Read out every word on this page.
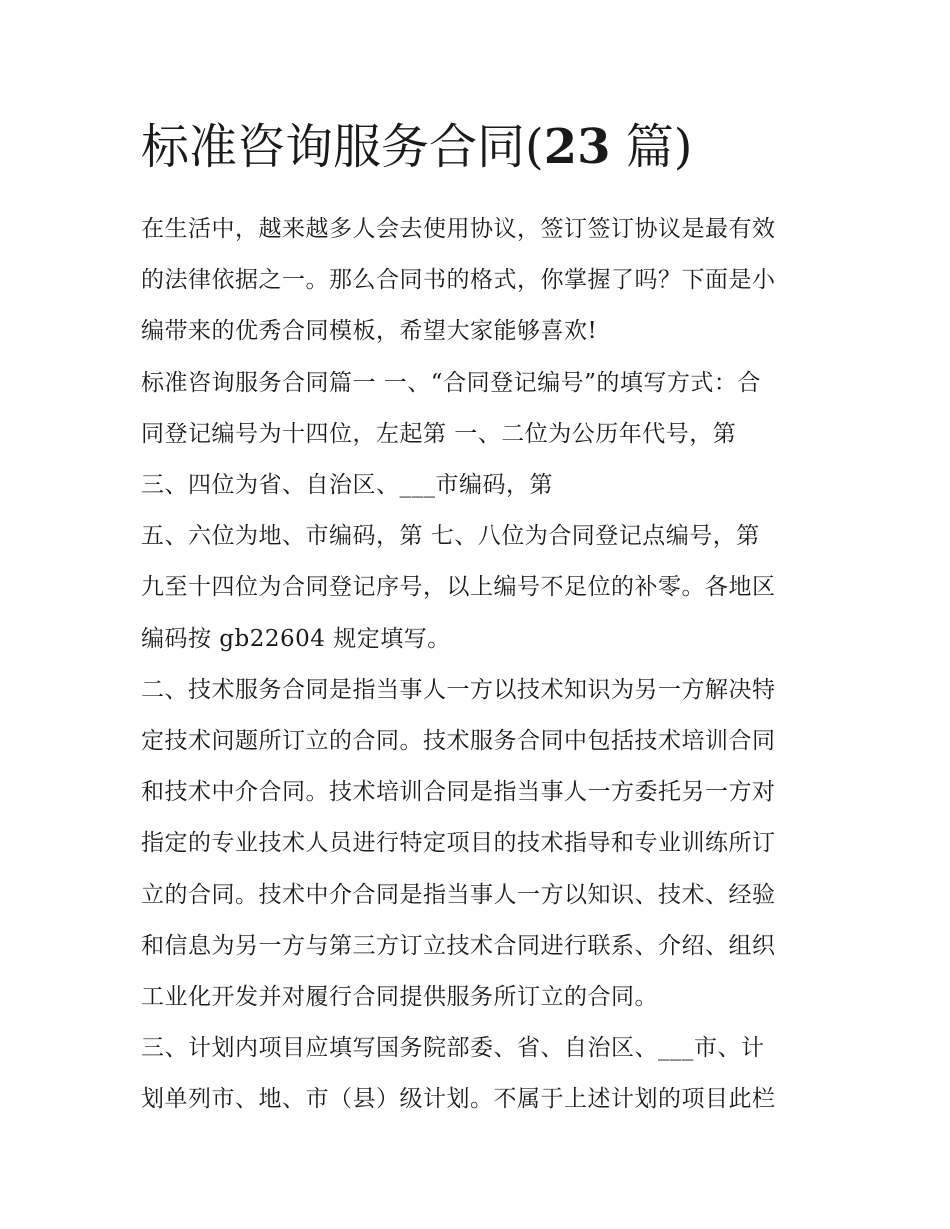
标准咨询服务合同(23 篇)

在生活中，越来越多人会去使用协议，签订签订协议是最有效
的法律依据之一。那么合同书的格式，你掌握了吗？下面是小
编带来的优秀合同模板，希望大家能够喜欢!

标准咨询服务合同篇一 一、“合同登记编号”的填写方式：合
同登记编号为十四位，左起第 一、二位为公历年代号，第

三、四位为省、自治区、___市编码，第

五、六位为地、市编码，第 七、八位为合同登记点编号，第
九至十四位为合同登记序号，以上编号不足位的补零。各地区
编码按 gb22604 规定填写。

二、技术服务合同是指当事人一方以技术知识为另一方解决特
定技术问题所订立的合同。技术服务合同中包括技术培训合同
和技术中介合同。技术培训合同是指当事人一方委托另一方对
指定的专业技术人员进行特定项目的技术指导和专业训练所订
立的合同。技术中介合同是指当事人一方以知识、技术、经验
和信息为另一方与第三方订立技术合同进行联系、介绍、组织
工业化开发并对履行合同提供服务所订立的合同。

三、计划内项目应填写国务院部委、省、自治区、___市、计
划单列市、地、市（县）级计划。不属于上述计划的项目此栏
